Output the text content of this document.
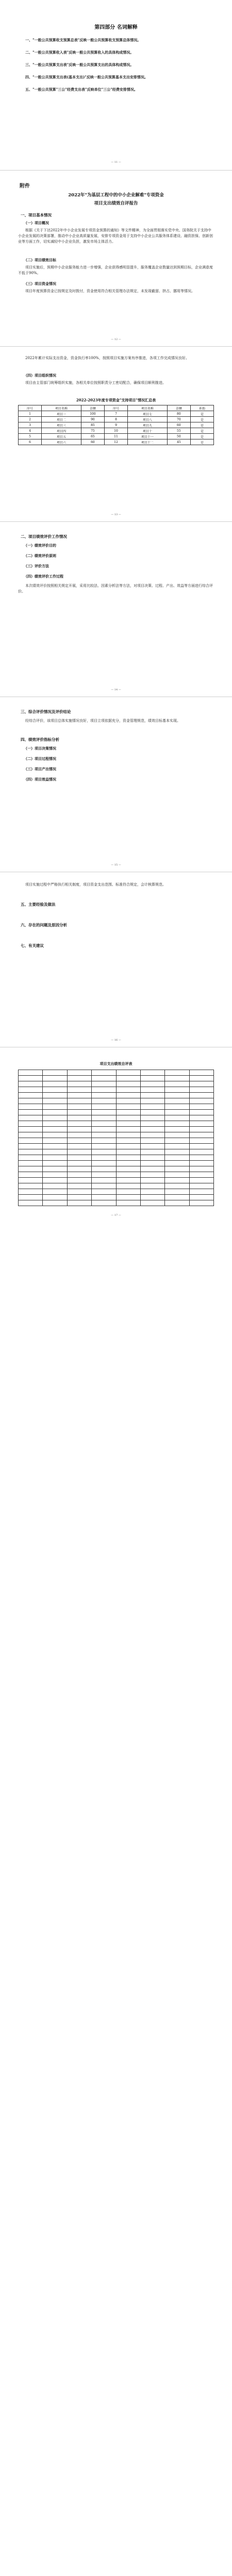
第四部分 名词解释
一、"一般公共预算收支预算总表"反映一般公共预算收支预算总体情况。
二、"一般公共预算收入表"反映一般公共预算收入的具体构成情况。
三、"一般公共预算支出表"反映一般公共预算支出的具体构成情况。
四、"一般公共预算支出表(基本支出)"反映一般公共预算基本支出安排情况。
五、"一般公共预算"三公"经费支出表"反映单位"三公"经费安排情况。
— 11 —
附件
2022年"为基层工程中的中小企业解难"专项资金
项目支出绩效自评报告
一、项目基本情况
（一）项目概况
根据《关于下达2022年中小企业发展专项资金预算的通知》等文件精神，为全面贯彻落实党中央、国务院关于支持中小企业发展的决策部署，推动中小企业高质量发展，安排专项资金用于支持中小企业公共服务体系建设、融资担保、创新创业等方面工作，切实减轻中小企业负担，激发市场主体活力。
（二）项目绩效目标
项目实施后，预期中小企业服务能力进一步增强，企业获得感明显提升，服务覆盖企业数量达到预期目标，企业满意度不低于90%。
（三）项目资金情况
项目年度预算资金已按规定及时拨付，资金使用符合相关管理办法规定，未发现截留、挤占、挪用等情况。
— 12 —
2022年累计实际支出资金，资金执行率100%，按照项目实施方案有序推进，各项工作完成情况良好。
（四）项目组织情况
项目由主管部门统筹组织实施，各相关单位按照职责分工密切配合，确保项目顺利推进。
2022-2023年度专项资金"支持项目"情况汇总表
序号	项目名称	金额	序号	项目名称	金额	补助
1	项目一	100	7	项目七	80	是
2	项目二	90	8	项目八	70	是
3	项目三	85	9	项目九	60	是
4	项目四	75	10	项目十	55	是
5	项目五	65	11	项目十一	50	是
6	项目六	60	12	项目十二	45	是
— 13 —
二、项目绩效评价工作情况
（一）绩效评价目的
（二）绩效评价原则
（三）评价方法
（四）绩效评价工作过程
本次绩效评价按照相关规定开展，采用比较法、因素分析法等方法，对项目决策、过程、产出、效益等方面进行综合评价。
— 14 —
三、综合评价情况及评价结论
经综合评价，该项目总体实施情况良好，项目立项依据充分，资金管理规范，绩效目标基本实现。
四、绩效评价指标分析
（一）项目决策情况
（二）项目过程情况
（三）项目产出情况
（四）项目效益情况
— 15 —
项目实施过程中严格执行相关制度，项目资金支出范围、标准符合规定，会计核算规范。
五、主要经验及做法
六、存在的问题及原因分析
七、有关建议
— 16 —
项目支出绩效自评表

— 17 —
